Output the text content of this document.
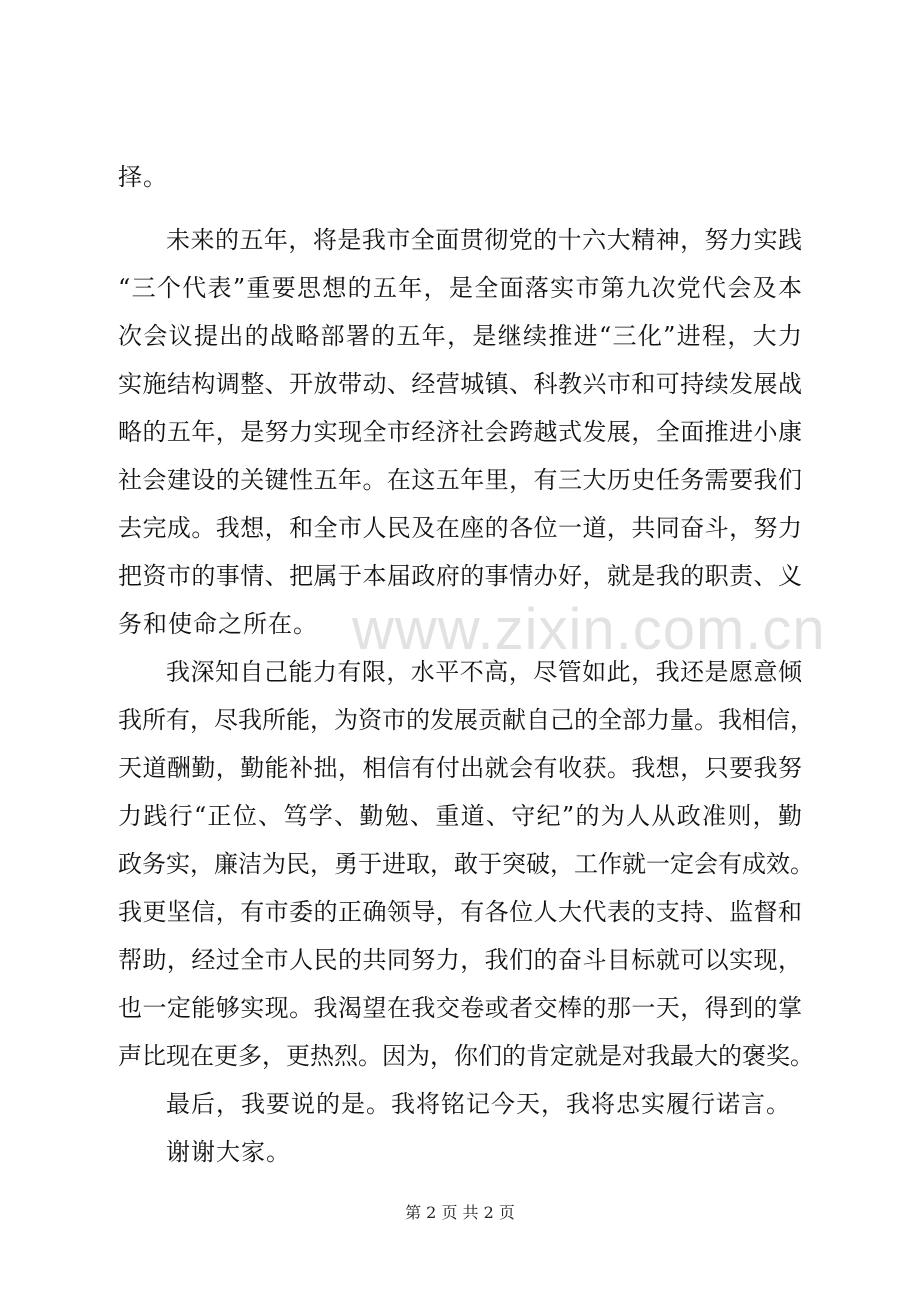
择。
未来的五年，将是我市全面贯彻党的十六大精神，努力实践
“三个代表”重要思想的五年，是全面落实市第九次党代会及本
次会议提出的战略部署的五年，是继续推进“三化”进程，大力
实施结构调整、开放带动、经营城镇、科教兴市和可持续发展战
略的五年，是努力实现全市经济社会跨越式发展，全面推进小康
社会建设的关键性五年。在这五年里，有三大历史任务需要我们
去完成。我想，和全市人民及在座的各位一道，共同奋斗，努力
把资市的事情、把属于本届政府的事情办好，就是我的职责、义
务和使命之所在。
我深知自己能力有限，水平不高，尽管如此，我还是愿意倾
我所有，尽我所能，为资市的发展贡献自己的全部力量。我相信，
天道酬勤，勤能补拙，相信有付出就会有收获。我想，只要我努
力践行“正位、笃学、勤勉、重道、守纪”的为人从政准则，勤
政务实，廉洁为民，勇于进取，敢于突破，工作就一定会有成效。
我更坚信，有市委的正确领导，有各位人大代表的支持、监督和
帮助，经过全市人民的共同努力，我们的奋斗目标就可以实现，
也一定能够实现。我渴望在我交卷或者交棒的那一天，得到的掌
声比现在更多，更热烈。因为，你们的肯定就是对我最大的褒奖。
最后，我要说的是。我将铭记今天，我将忠实履行诺言。
www.zixin.com.cn
谢谢大家。
第 2 页 共 2 页
